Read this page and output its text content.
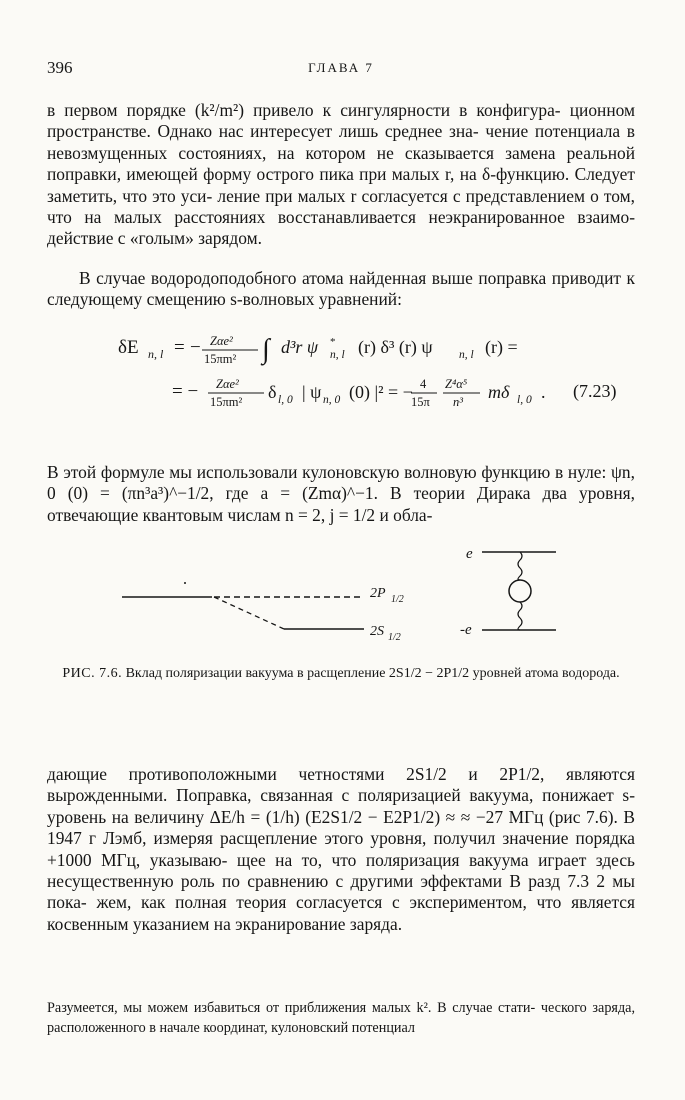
396	ГЛАВА 7

в первом порядке (k²/m²) привело к сингулярности в конфигура- ционном пространстве. Однако нас интересует лишь среднее зна- чение потенциала в невозмущенных состояниях, на котором не сказывается замена реальной поправки, имеющей форму острого пика при малых r, на δ-функцию. Следует заметить, что это уси- ление при малых r согласуется с представлением о том, что на малых расстояниях восстанавливается неэкранированное взаимо- действие с «голым» зарядом.

В случае водородоподобного атома найденная выше поправка приводит к следующему смещению s-волновых уравнений:

δE n, l = − Zαe²
15πm² ∫ d³r ψ *
n, l (r) δ³ (r) ψ n, l (r) =
= − Zαe²
15πm² δ l, 0 | ψ n, 0 (0) |² = − 4
15π
Z⁴α⁵
n³ mδ l, 0 . (7.23)

В этой формуле мы использовали кулоновскую волновую функцию в нуле: ψn, 0 (0) = (πn³a³)^−1/2, где a = (Zmα)^−1. В теории Дирака два уровня, отвечающие квантовым числам n = 2, j = 1/2 и обла-

2P 1/2
2S 1/2
e
-e
РИС. 7.6. Вклад поляризации вакуума в расщепление 2S1/2 − 2P1/2 уровней атома водорода.

дающие противоположными четностями 2S1/2 и 2P1/2, являются вырожденными. Поправка, связанная с поляризацией вакуума, понижает s-уровень на величину ΔE/h = (1/h) (E2S1/2 − E2P1/2) ≈ ≈ −27 МГц (рис 7.6). В 1947 г Лэмб, измеряя расщепление этого уровня, получил значение порядка +1000 МГц, указываю- щее на то, что поляризация вакуума играет здесь несущественную роль по сравнению с другими эффектами В разд 7.3 2 мы пока- жем, как полная теория согласуется с экспериментом, что является косвенным указанием на экранирование заряда.

Разумеется, мы можем избавиться от приближения малых k². В случае стати- ческого заряда, расположенного в начале координат, кулоновский потенциал
